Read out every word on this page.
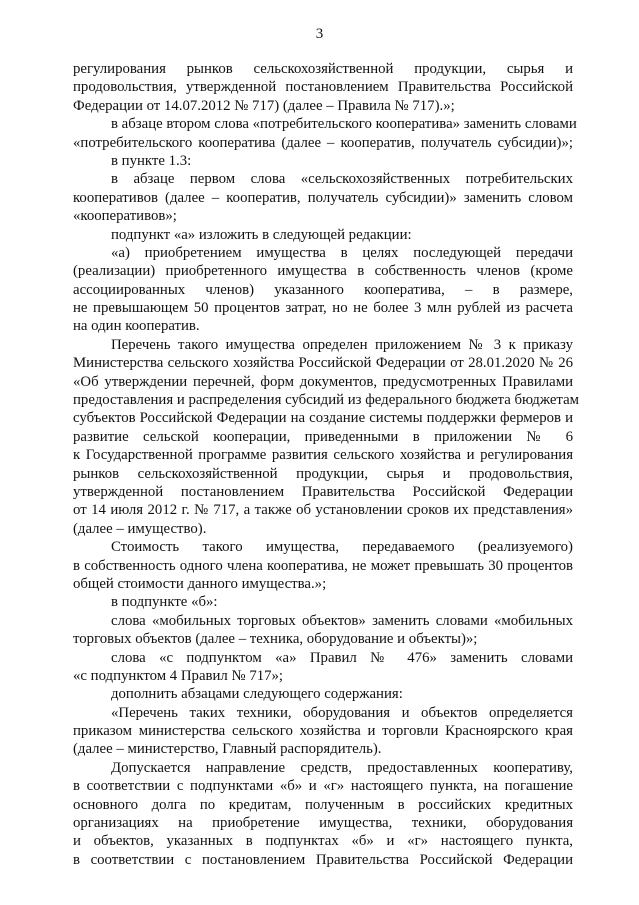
3
регулирования рынков сельскохозяйственной продукции, сырья и
продовольствия, утвержденной постановлением Правительства Российской
Федерации от 14.07.2012 № 717) (далее – Правила № 717).»;
в абзаце втором слова «потребительского кооператива» заменить словами
«потребительского кооператива (далее – кооператив, получатель субсидии)»;
в пункте 1.3:
в абзаце первом слова «сельскохозяйственных потребительских
кооперативов (далее – кооператив, получатель субсидии)» заменить словом
«кооперативов»;
подпункт «а» изложить в следующей редакции:
«а) приобретением имущества в целях последующей передачи
(реализации) приобретенного имущества в собственность членов (кроме
ассоциированных членов) указанного кооператива, – в размере,
не превышающем 50 процентов затрат, но не более 3 млн рублей из расчета
на один кооператив.
Перечень такого имущества определен приложением № 3 к приказу
Министерства сельского хозяйства Российской Федерации от 28.01.2020 № 26
«Об утверждении перечней, форм документов, предусмотренных Правилами
предоставления и распределения субсидий из федерального бюджета бюджетам
субъектов Российской Федерации на создание системы поддержки фермеров и
развитие сельской кооперации, приведенными в приложении № 6
к Государственной программе развития сельского хозяйства и регулирования
рынков сельскохозяйственной продукции, сырья и продовольствия,
утвержденной постановлением Правительства Российской Федерации
от 14 июля 2012 г. № 717, а также об установлении сроков их представления»
(далее – имущество).
Стоимость такого имущества, передаваемого (реализуемого)
в собственность одного члена кооператива, не может превышать 30 процентов
общей стоимости данного имущества.»;
в подпункте «б»:
слова «мобильных торговых объектов» заменить словами «мобильных
торговых объектов (далее – техника, оборудование и объекты)»;
слова «с подпунктом «а» Правил № 476» заменить словами
«с подпунктом 4 Правил № 717»;
дополнить абзацами следующего содержания:
«Перечень таких техники, оборудования и объектов определяется
приказом министерства сельского хозяйства и торговли Красноярского края
(далее – министерство, Главный распорядитель).
Допускается направление средств, предоставленных кооперативу,
в соответствии с подпунктами «б» и «г» настоящего пункта, на погашение
основного долга по кредитам, полученным в российских кредитных
организациях на приобретение имущества, техники, оборудования
и объектов, указанных в подпунктах «б» и «г» настоящего пункта,
в соответствии с постановлением Правительства Российской Федерации
